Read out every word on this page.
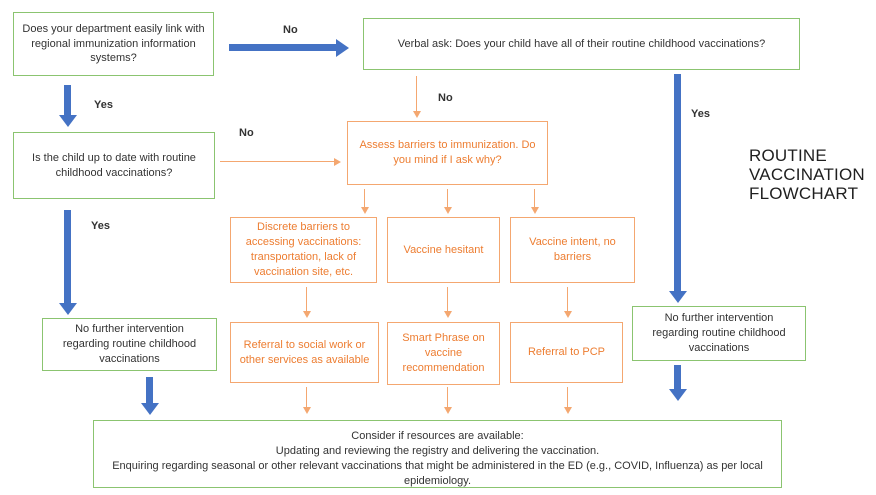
Does your department easily link with regional immunization information systems?
Verbal ask: Does your child have all of their routine childhood vaccinations?
Is the child up to date with routine childhood vaccinations?
No further intervention regarding routine childhood vaccinations
No further intervention regarding routine childhood vaccinations
Consider if resources are available:
Updating and reviewing the registry and delivering the vaccination.
Enquiring regarding seasonal or other relevant vaccinations that might be administered in the ED (e.g., COVID, Influenza) as per local epidemiology.
Assess barriers to immunization. Do you mind if I ask why?
Discrete barriers to accessing vaccinations: transportation, lack of vaccination site, etc.
Vaccine hesitant
Vaccine intent, no barriers
Referral to social work or other services as available
Smart Phrase on vaccine recommendation
Referral to PCP
No
Yes
No
No
Yes
Yes
ROUTINE
VACCINATION
FLOWCHART
